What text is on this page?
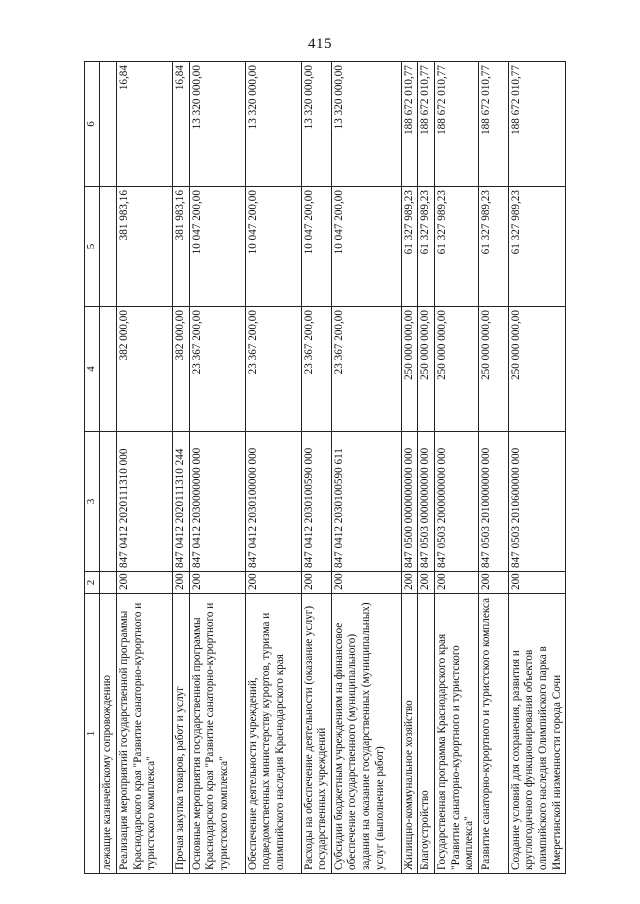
415
1	2	3	4	5	6
лежащие казначейскому сопровождению					
Реализация мероприятий государственной программы Краснодарского края "Развитие санаторно-курортного и туристского комплекса"	200	847 0412 2020111310 000	382 000,00	381 983,16	16,84
Прочая закупка товаров, работ и услуг	200	847 0412 2020111310 244	382 000,00	381 983,16	16,84
Основные мероприятия государственной программы Краснодарского края "Развитие санаторно-курортного и туристского комплекса"	200	847 0412 2030000000 000	23 367 200,00	10 047 200,00	13 320 000,00
Обеспечение деятельности учреждений, подведомственных министерству курортов, туризма и олимпийского наследия Краснодарского края	200	847 0412 2030100000 000	23 367 200,00	10 047 200,00	13 320 000,00
Расходы на обеспечение деятельности (оказание услуг) государственных учреждений	200	847 0412 2030100590 000	23 367 200,00	10 047 200,00	13 320 000,00
Субсидии бюджетным учреждениям на финансовое обеспечение государственного (муниципального) задания на оказание государственных (муниципальных) услуг (выполнение работ)	200	847 0412 2030100590 611	23 367 200,00	10 047 200,00	13 320 000,00
Жилищно-коммунальное хозяйство	200	847 0500 0000000000 000	250 000 000,00	61 327 989,23	188 672 010,77
Благоустройство	200	847 0503 0000000000 000	250 000 000,00	61 327 989,23	188 672 010,77
Государственная программа Краснодарского края "Развитие санаторно-курортного и туристского комплекса"	200	847 0503 2000000000 000	250 000 000,00	61 327 989,23	188 672 010,77
Развитие санаторно-курортного и туристского комплекса	200	847 0503 2010000000 000	250 000 000,00	61 327 989,23	188 672 010,77
Создание условий для сохранения, развития и круглогодичного функционирования объектов олимпийского наследия Олимпийского парка в Имеретинской низменности города Сочи	200	847 0503 2010600000 000	250 000 000,00	61 327 989,23	188 672 010,77
